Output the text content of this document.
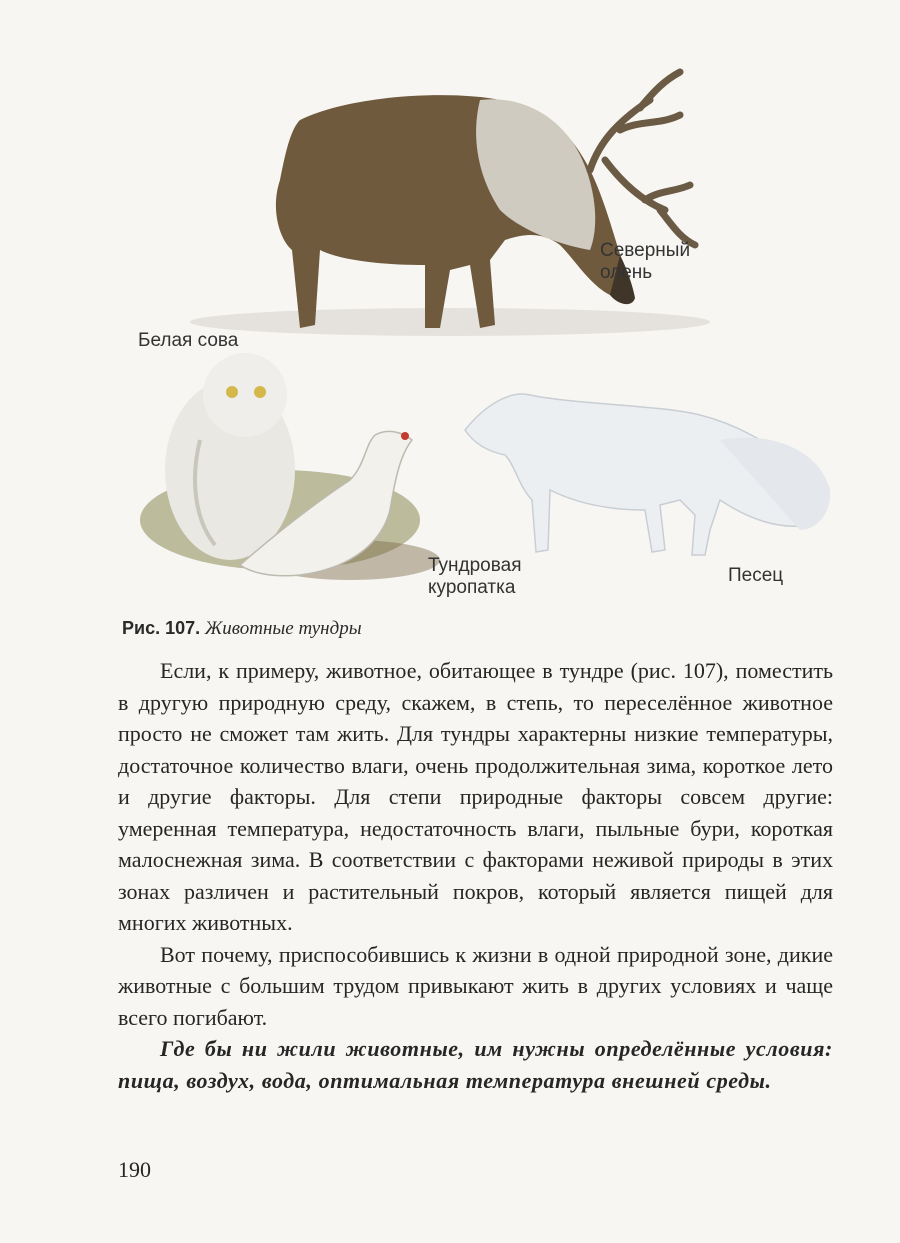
Северный
олень
Белая сова
Тундровая
куропатка
Песец
Рис. 107. Животные тундры

Если, к примеру, животное, обитающее в тундре (рис. 107), поместить в другую природную среду, скажем, в степь, то переселённое животное просто не сможет там жить. Для тундры характерны низкие температуры, достаточное количество влаги, очень продолжительная зима, короткое лето и другие факторы. Для степи природные факторы совсем другие: умеренная температура, недостаточность влаги, пыльные бури, короткая малоснежная зима. В соответствии с факторами неживой природы в этих зонах различен и растительный покров, который является пищей для многих животных.

Вот почему, приспособившись к жизни в одной природной зоне, дикие животные с большим трудом привыкают жить в других условиях и чаще всего погибают.

Где бы ни жили животные, им нужны определённые условия: пища, воздух, вода, оптимальная температура внешней среды.

190
